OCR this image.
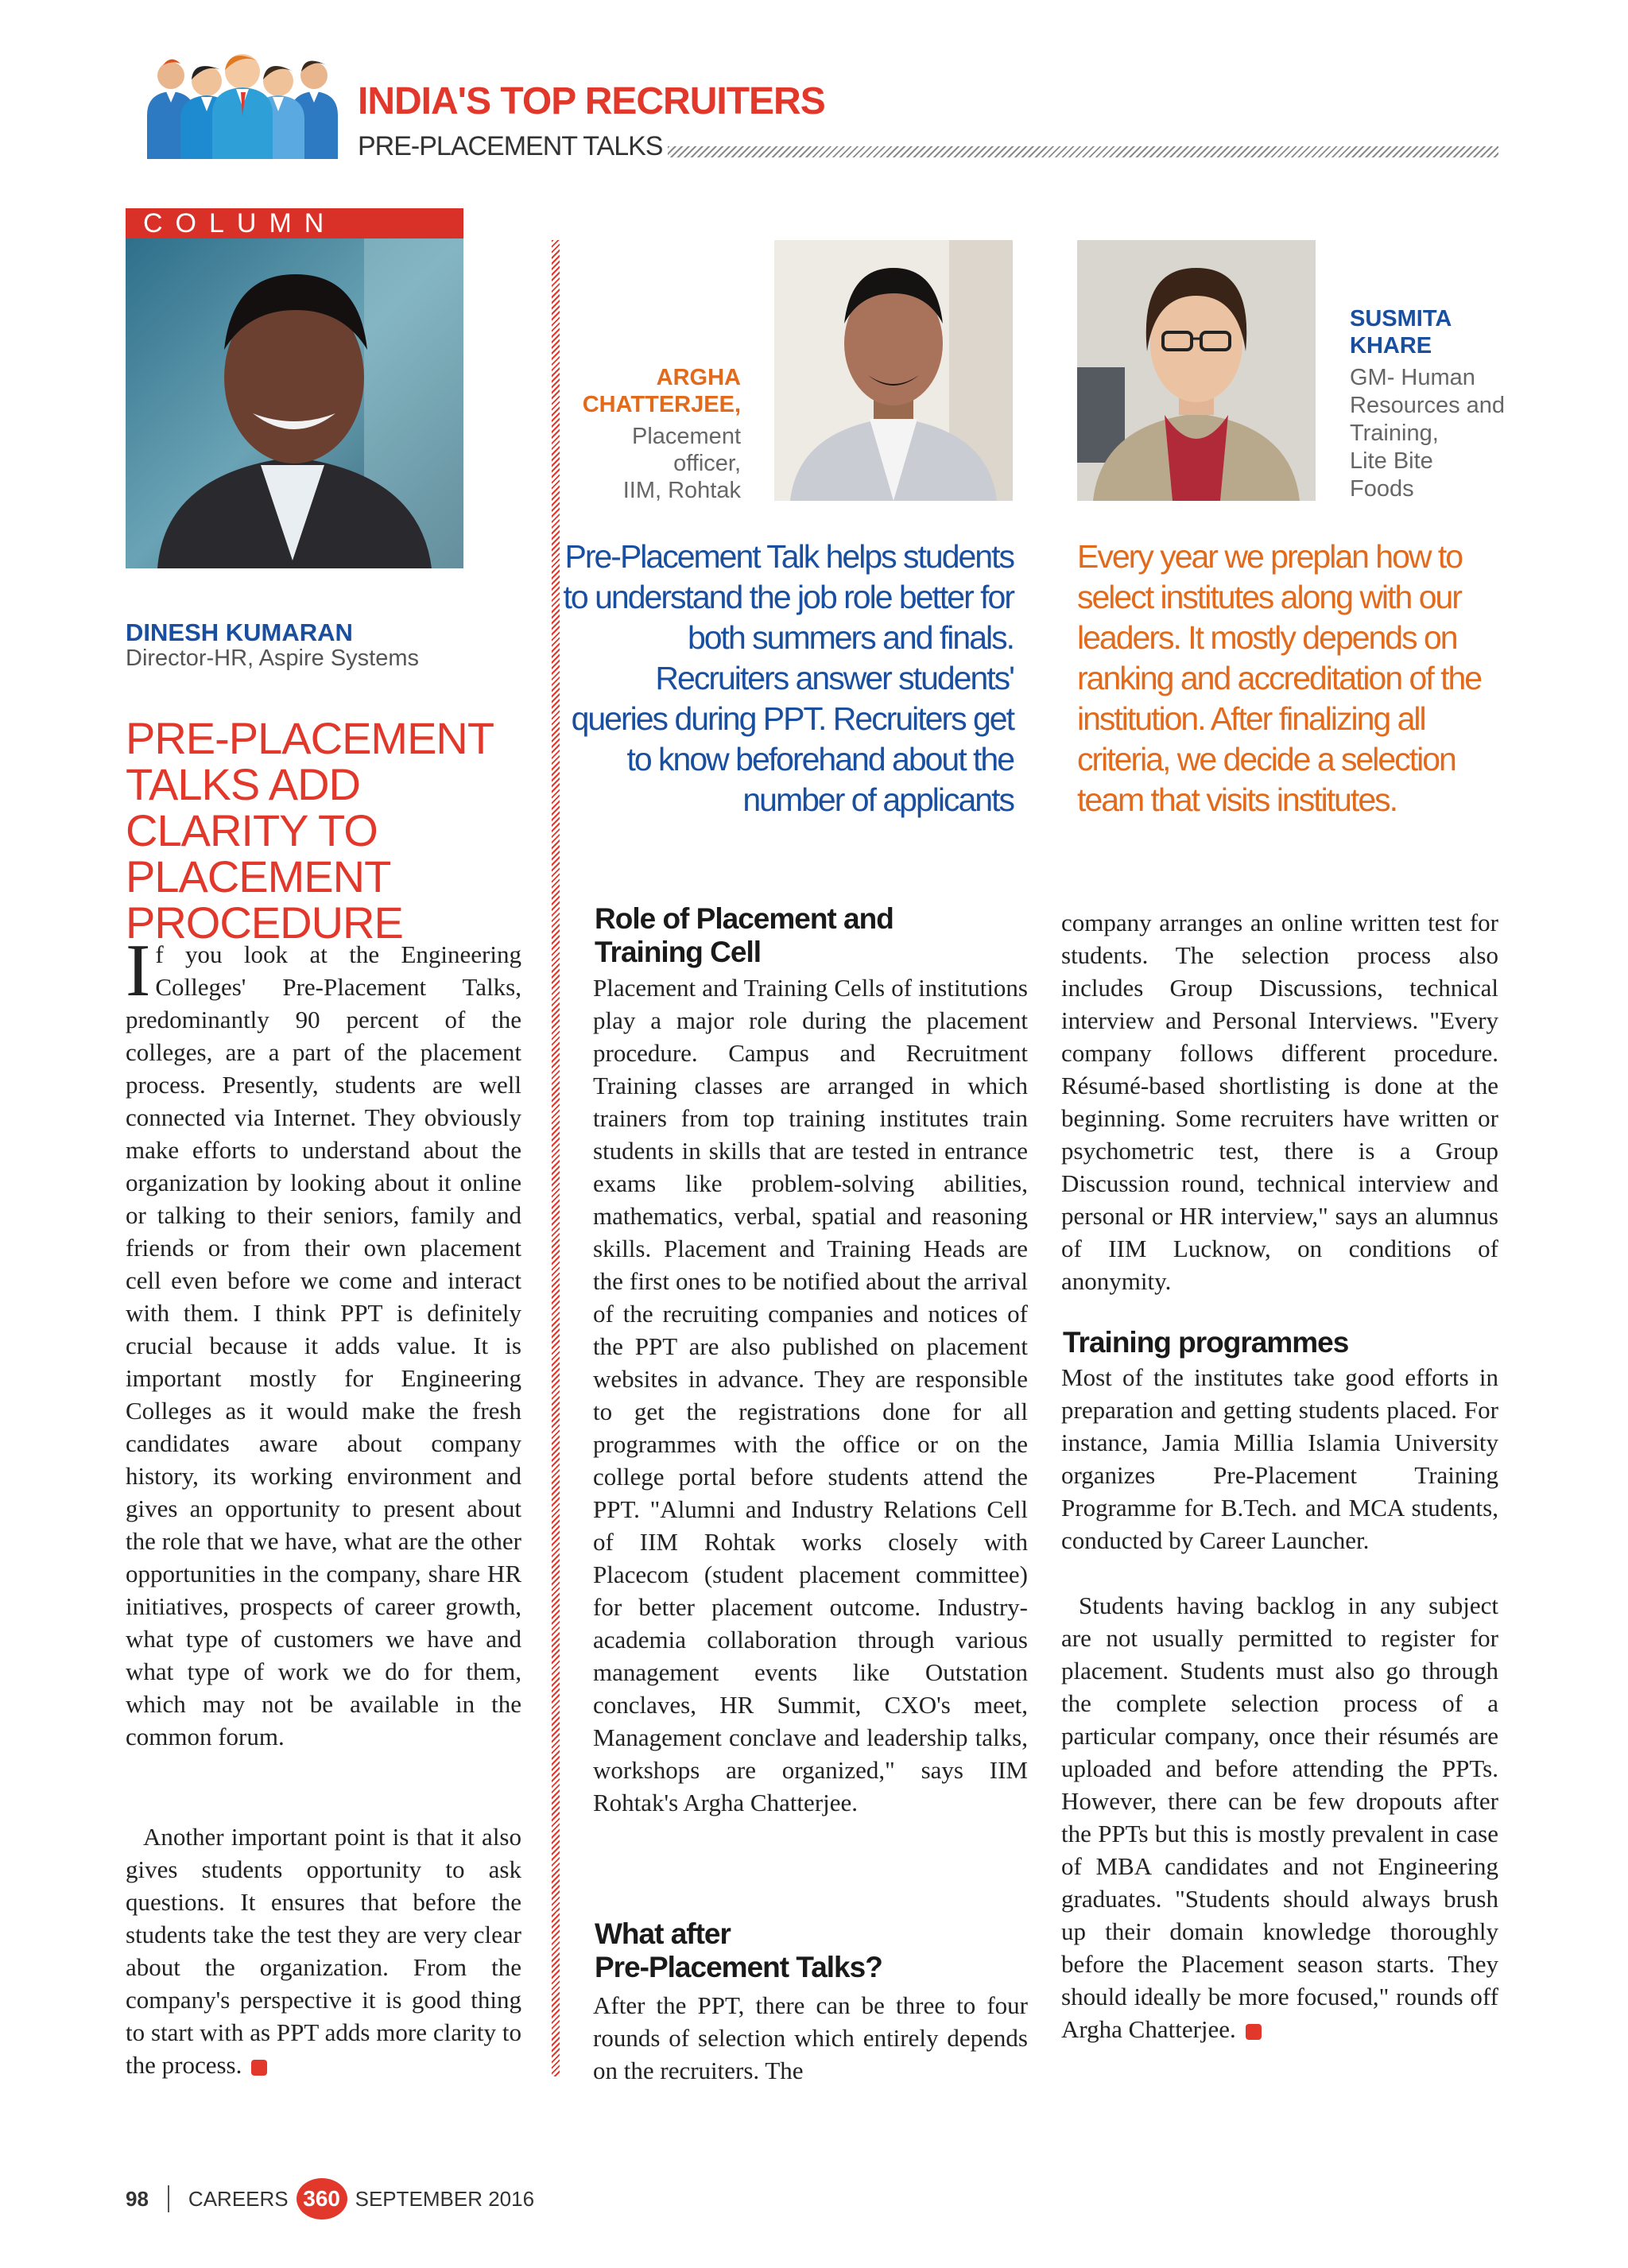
INDIA'S TOP RECRUITERS
PRE-PLACEMENT TALKS
COLUMN
DINESH KUMARAN
Director-HR, Aspire Systems
PRE-PLACEMENT TALKS ADD CLARITY TO PLACEMENT PROCEDURE
If you look at the Engineering Colleges' Pre-Placement Talks, predominantly 90 percent of the colleges, are a part of the placement process. Presently, students are well connected via Internet. They obviously make efforts to understand about the organization by looking about it online or talking to their seniors, family and friends or from their own placement cell even before we come and interact with them. I think PPT is definitely crucial because it adds value. It is important mostly for Engineering Colleges as it would make the fresh candidates aware about company history, its working environment and gives an opportunity to present about the role that we have, what are the other opportunities in the company, share HR initiatives, prospects of career growth, what type of customers we have and what type of work we do for them, which may not be available in the common forum.
Another important point is that it also gives students opportunity to ask questions. It ensures that before the students take the test they are very clear about the organization. From the company's perspective it is good thing to start with as PPT adds more clarity to the process. C
ARGHA
CHATTERJEE,
Placement
officer,
IIM, Rohtak
SUSMITA
KHARE
GM- Human
Resources and
Training,
Lite Bite
Foods
Pre-Placement Talk helps students to understand the job role better for both summers and finals. Recruiters answer students' queries during PPT. Recruiters get to know beforehand about the number of applicants
Every year we preplan how to select institutes along with our leaders. It mostly depends on ranking and accreditation of the institution. After finalizing all criteria, we decide a selection team that visits institutes.
Role of Placement and Training Cell
Placement and Training Cells of institutions play a major role during the placement procedure. Campus and Recruitment Training classes are arranged in which trainers from top training institutes train students in skills that are tested in entrance exams like problem-solving abilities, mathematics, verbal, spatial and reasoning skills. Placement and Training Heads are the first ones to be notified about the arrival of the recruiting companies and notices of the PPT are also published on placement websites in advance. They are responsible to get the registrations done for all programmes with the office or on the college portal before students attend the PPT. "Alumni and Industry Relations Cell of IIM Rohtak works closely with Placecom (student placement committee) for better placement outcome. Industry-academia collaboration through various management events like Outstation conclaves, HR Summit, CXO's meet, Management conclave and leadership talks, workshops are organized," says IIM Rohtak's Argha Chatterjee.
What after
Pre-Placement Talks?
After the PPT, there can be three to four rounds of selection which entirely depends on the recruiters. The
company arranges an online written test for students. The selection process also includes Group Discussions, technical interview and Personal Interviews. "Every company follows different procedure. Résumé-based shortlisting is done at the beginning. Some recruiters have written or psychometric test, there is a Group Discussion round, technical interview and personal or HR interview," says an alumnus of IIM Lucknow, on conditions of anonymity.
Training programmes
Most of the institutes take good efforts in preparation and getting students placed. For instance, Jamia Millia Islamia University organizes Pre-Placement Training Programme for B.Tech. and MCA students, conducted by Career Launcher.
Students having backlog in any subject are not usually permitted to register for placement. Students must also go through the complete selection process of a particular company, once their résumés are uploaded and before attending the PPTs. However, there can be few dropouts after the PPTs but this is mostly prevalent in case of MBA candidates and not Engineering graduates. "Students should always brush up their domain knowledge thoroughly before the Placement season starts. They should ideally be more focused," rounds off Argha Chatterjee. C
98 CAREERS 360 SEPTEMBER 2016
